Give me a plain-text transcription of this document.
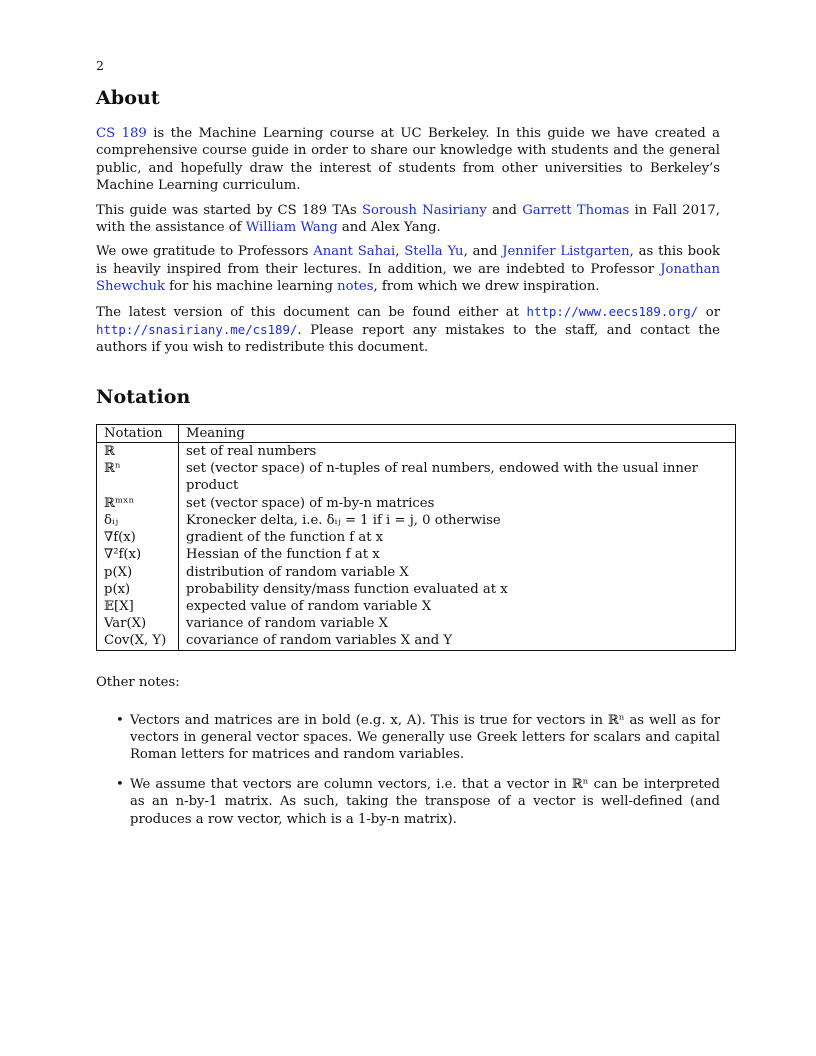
2
About

CS 189 is the Machine Learning course at UC Berkeley. In this guide we have created a comprehensive course guide in order to share our knowledge with students and the general public, and hopefully draw the interest of students from other universities to Berkeley’s Machine Learning curriculum.

This guide was started by CS 189 TAs Soroush Nasiriany and Garrett Thomas in Fall 2017, with the assistance of William Wang and Alex Yang.

We owe gratitude to Professors Anant Sahai, Stella Yu, and Jennifer Listgarten, as this book is heavily inspired from their lectures. In addition, we are indebted to Professor Jonathan Shewchuk for his machine learning notes, from which we drew inspiration.

The latest version of this document can be found either at http://www.eecs189.org/ or http://snasiriany.me/cs189/. Please report any mistakes to the staff, and contact the authors if you wish to redistribute this document.

Notation
Notation	Meaning
ℝ	set of real numbers
ℝⁿ	set (vector space) of n-tuples of real numbers, endowed with the usual inner product
ℝᵐˣⁿ	set (vector space) of m-by-n matrices
δᵢⱼ	Kronecker delta, i.e. δᵢⱼ = 1 if i = j, 0 otherwise
∇f(x)	gradient of the function f at x
∇²f(x)	Hessian of the function f at x
p(X)	distribution of random variable X
p(x)	probability density/mass function evaluated at x
𝔼[X]	expected value of random variable X
Var(X)	variance of random variable X
Cov(X, Y)	covariance of random variables X and Y
Other notes:
• Vectors and matrices are in bold (e.g. x, A). This is true for vectors in ℝⁿ as well as for vectors in general vector spaces. We generally use Greek letters for scalars and capital Roman letters for matrices and random variables.
• We assume that vectors are column vectors, i.e. that a vector in ℝⁿ can be interpreted as an n-by-1 matrix. As such, taking the transpose of a vector is well-defined (and produces a row vector, which is a 1-by-n matrix).
